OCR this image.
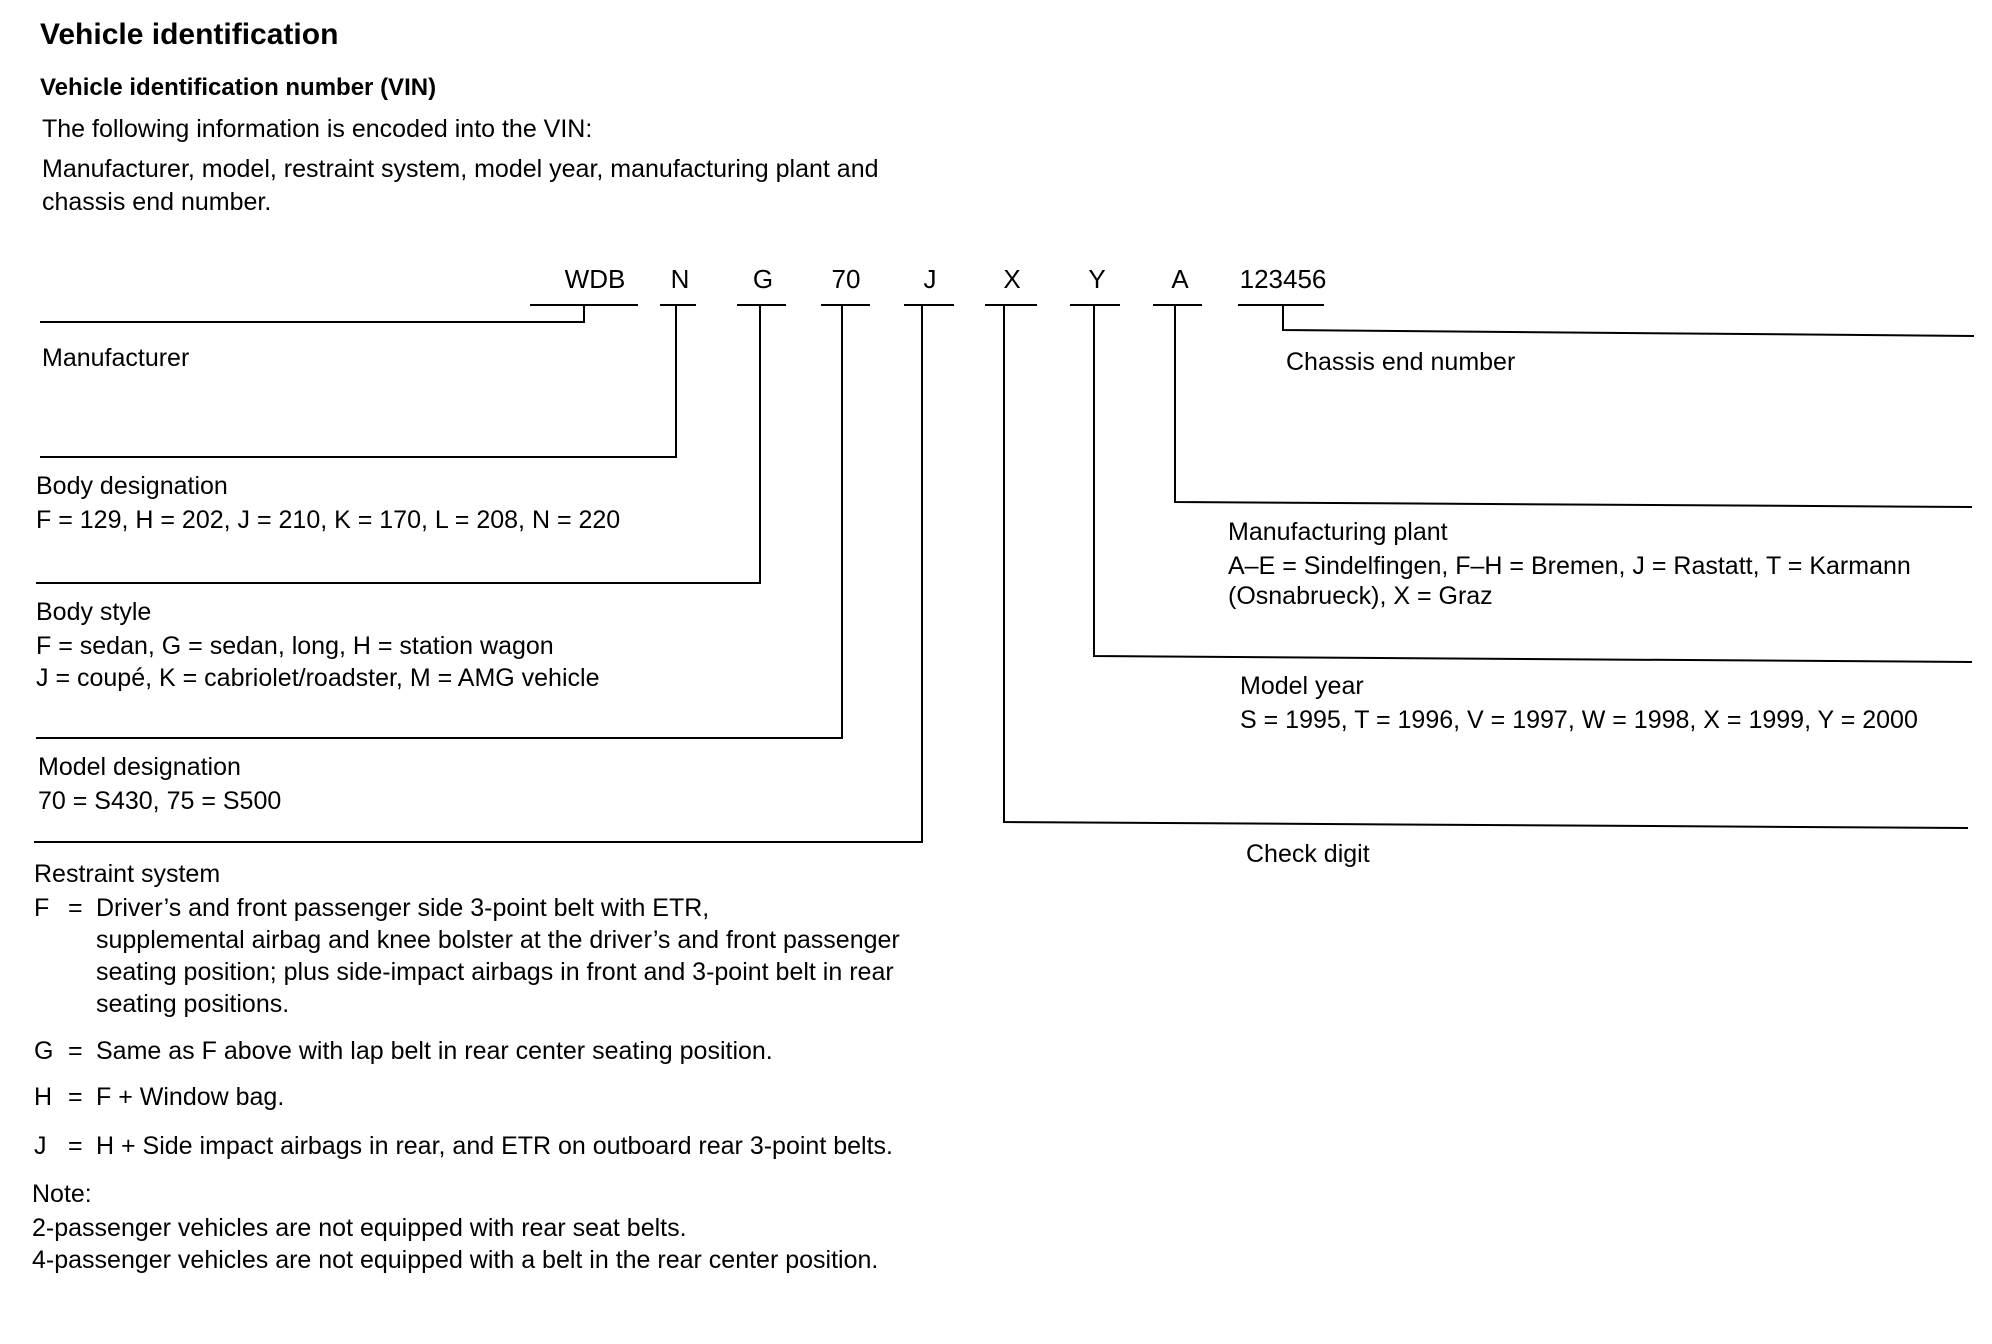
Vehicle identification
Vehicle identification number (VIN)
The following information is encoded into the VIN:
Manufacturer, model, restraint system, model year, manufacturing plant and
chassis end number.
WDB	N	G	70	J	X	Y	A	123456
Manufacturer
Body designation
F = 129, H = 202, J = 210, K = 170, L = 208, N = 220
Body style
F = sedan, G = sedan, long, H = station wagon
J = coupé, K = cabriolet/roadster, M = AMG vehicle
Model designation
70 = S430, 75 = S500
Chassis end number
Manufacturing plant
A–E = Sindelfingen, F–H = Bremen, J = Rastatt, T = Karmann
(Osnabrueck), X = Graz
Model year
S = 1995, T = 1996, V = 1997, W = 1998, X = 1999, Y = 2000
Check digit
Restraint system
F = Driver’s and front passenger side 3-point belt with ETR,
supplemental airbag and knee bolster at the driver’s and front passenger
seating position; plus side-impact airbags in front and 3-point belt in rear
seating positions.
G = Same as F above with lap belt in rear center seating position.
H = F + Window bag.
J = H + Side impact airbags in rear, and ETR on outboard rear 3-point belts.
Note:
2-passenger vehicles are not equipped with rear seat belts.
4-passenger vehicles are not equipped with a belt in the rear center position.
